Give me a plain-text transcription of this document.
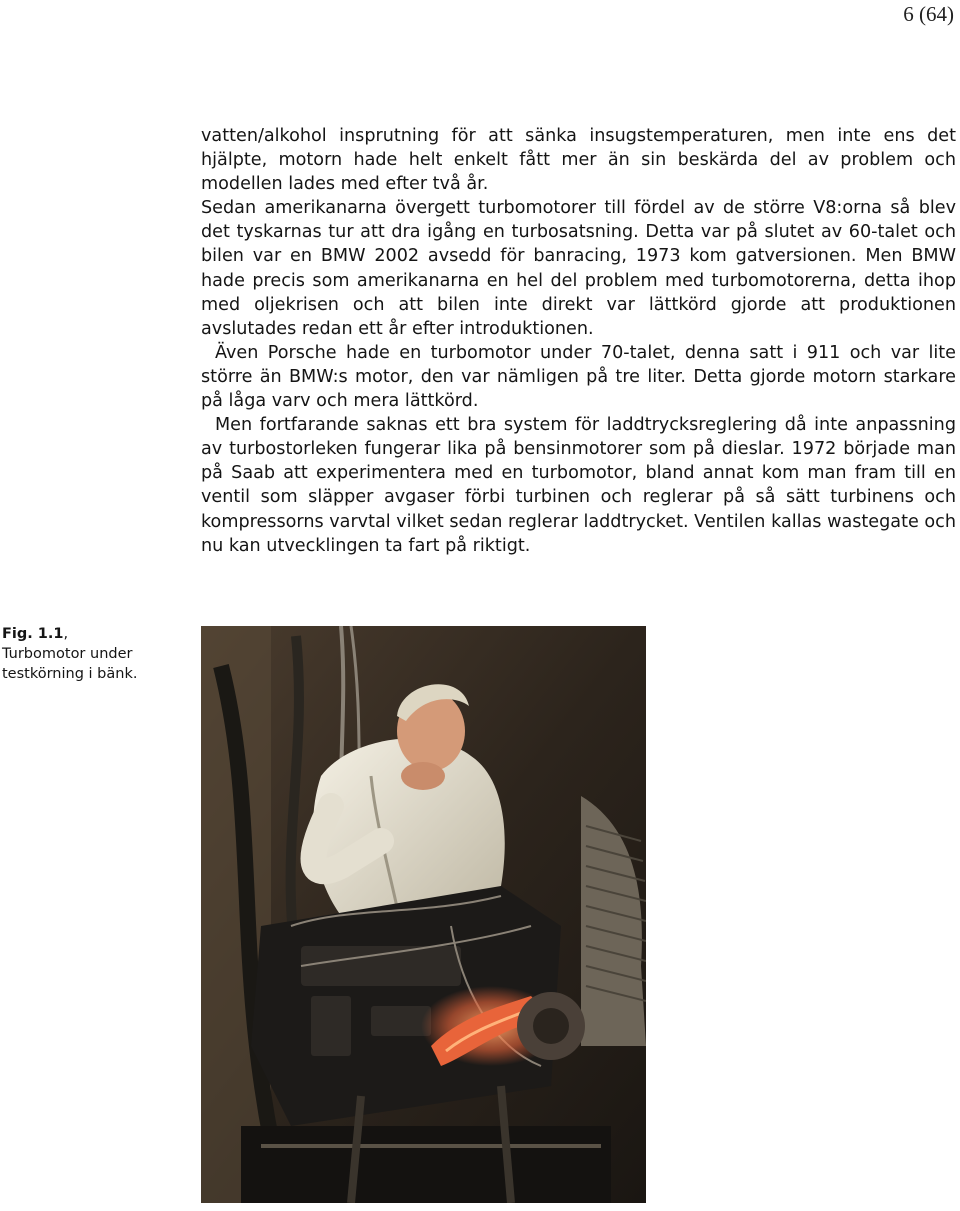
6 (64)

vatten/alkohol insprutning för att sänka insugstemperaturen, men inte ens det hjälpte, motorn hade helt enkelt fått mer än sin beskärda del av problem och modellen lades med efter två år.

Sedan amerikanarna övergett turbomotorer till fördel av de större V8:orna så blev det tyskarnas tur att dra igång en turbosatsning. Detta var på slutet av 60-talet och bilen var en BMW 2002 avsedd för banracing, 1973 kom gatversionen. Men BMW hade precis som amerikanarna en hel del problem med turbomotorerna, detta ihop med oljekrisen och att bilen inte direkt var lättkörd gjorde att produktionen avslutades redan ett år efter introduktionen.

Även Porsche hade en turbomotor under 70-talet, denna satt i 911 och var lite större än BMW:s motor, den var nämligen på tre liter. Detta gjorde motorn starkare på låga varv och mera lättkörd.

Men fortfarande saknas ett bra system för laddtrycksreglering då inte anpassning av turbostorleken fungerar lika på bensinmotorer som på dieslar. 1972 började man på Saab att experimentera med en turbomotor, bland annat kom man fram till en ventil som släpper avgaser förbi turbinen och reglerar på så sätt turbinens och kompressorns varvtal vilket sedan reglerar laddtrycket. Ventilen kallas wastegate och nu kan utvecklingen ta fart på riktigt.

Fig. 1.1,
Turbomotor under testkörning i bänk.
